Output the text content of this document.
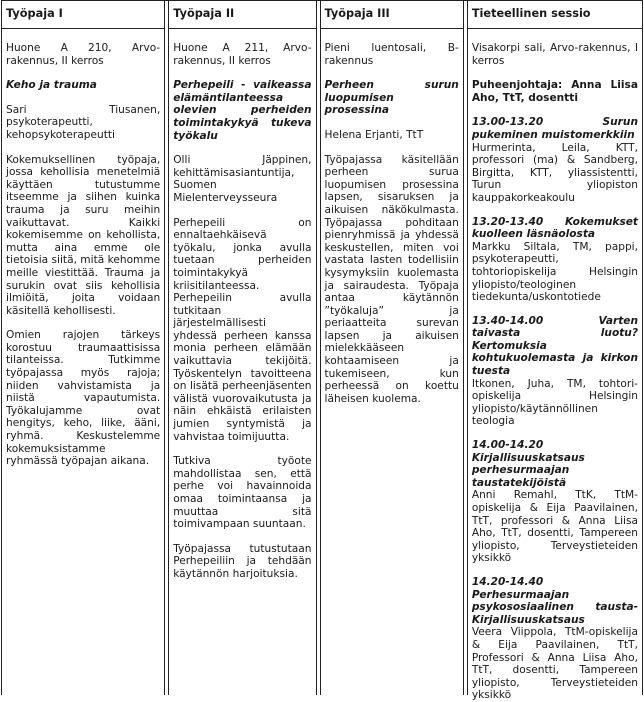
Työpaja I
Huone A 210, Arvo-rakennus, II kerros
Keho ja trauma
Sari Tiusanen, psykoterapeutti, kehopsykoterapeutti
Kokemuksellinen työpaja, jossa kehollisia menetelmiä käyttäen tutustumme itseemme ja siihen kuinka trauma ja suru meihin vaikuttavat. Kaikki kokemisemme on kehollista, mutta aina emme ole tietoisia siitä, mitä kehomme meille viestittää. Trauma ja surukin ovat siis kehollisia ilmiöitä, joita voidaan käsitellä kehollisesti.
Omien rajojen tärkeys korostuu traumaattisissa tilanteissa. Tutkimme työpajassa myös rajoja; niiden vahvistamista ja niistä vapautumista. Työkalujamme ovat hengitys, keho, liike, ääni, ryhmä. Keskustelemme kokemuksistamme ryhmässä työpajan aikana.
Työpaja II
Huone A 211, Arvo-rakennus, II kerros
Perhepeili - vaikeassa elämäntilanteessa olevien perheiden toimintakykyä tukeva työkalu
Olli Jäppinen, kehittämisasiantuntija, Suomen Mielenterveysseura
Perhepeili on ennaltaehkäisevä työkalu, jonka avulla tuetaan perheiden toimintakykyä kriisitilanteessa. Perhepeilin avulla tutkitaan järjestelmällisesti yhdessä perheen kanssa monia perheen elämään vaikuttavia tekijöitä. Työskentelyn tavoitteena on lisätä perheenjäsenten välistä vuorovaikutusta ja näin ehkäistä erilaisten jumien syntymistä ja vahvistaa toimijuutta.
Tutkiva työote mahdollistaa sen, että perhe voi havainnoida omaa toimintaansa ja muuttaa sitä toimivampaan suuntaan.
Työpajassa tutustutaan Perhepeiliin ja tehdään käytännön harjoituksia.
Työpaja III
Pieni luentosali, B-rakennus
Perheen surun luopumisen prosessina
Helena Erjanti, TtT
Työpajassa käsitellään perheen surua luopumisen prosessina lapsen, sisaruksen ja aikuisen näkökulmasta. Työpajassa pohditaan pienryhmissä ja yhdessä keskustellen, miten voi vastata lasten todellisiin kysymyksiin kuolemasta ja sairaudesta. Työpaja antaa käytännön ”työkaluja” ja periaatteita surevan lapsen ja aikuisen mielekkääseen kohtaamiseen ja tukemiseen, kun perheessä on koettu läheisen kuolema.
Tieteellinen sessio
Visakorpi sali, Arvo-rakennus, I kerros
Puheenjohtaja: Anna Liisa Aho, TtT, dosentti
13.00-13.20 Surun pukeminen muistomerkkiin
Hurmerinta, Leila, KTT, professori (ma) & Sandberg, Birgitta, KTT, yliassistentti, Turun yliopiston kauppakorkeakoulu
13.20-13.40 Kokemukset kuolleen läsnäolosta
Markku Siltala, TM, pappi, psykoterapeutti, tohtoriopiskelija Helsingin yliopisto/teologinen tiedekunta/uskontotiede
13.40-14.00 Varten taivasta luotu? Kertomuksia kohtukuolemasta ja kirkon tuesta
Itkonen, Juha, TM, tohtori-opiskelija Helsingin yliopisto/käytännöllinen teologia
14.00-14.20 Kirjallisuuskatsaus perhesurmaajan taustatekijöistä
Anni Remahl, TtK, TtM-opiskelija & Eija Paavilainen, TtT, professori & Anna Liisa Aho, TtT, dosentti, Tampereen yliopisto, Terveystieteiden yksikkö
14.20-14.40 Perhesurmaajan psykososiaalinen tausta- Kirjallisuuskatsaus
Veera Viippola, TtM-opiskelija & Eija Paavilainen, TtT, Professori & Anna Liisa Aho, TtT, dosentti, Tampereen yliopisto, Terveystieteiden yksikkö
